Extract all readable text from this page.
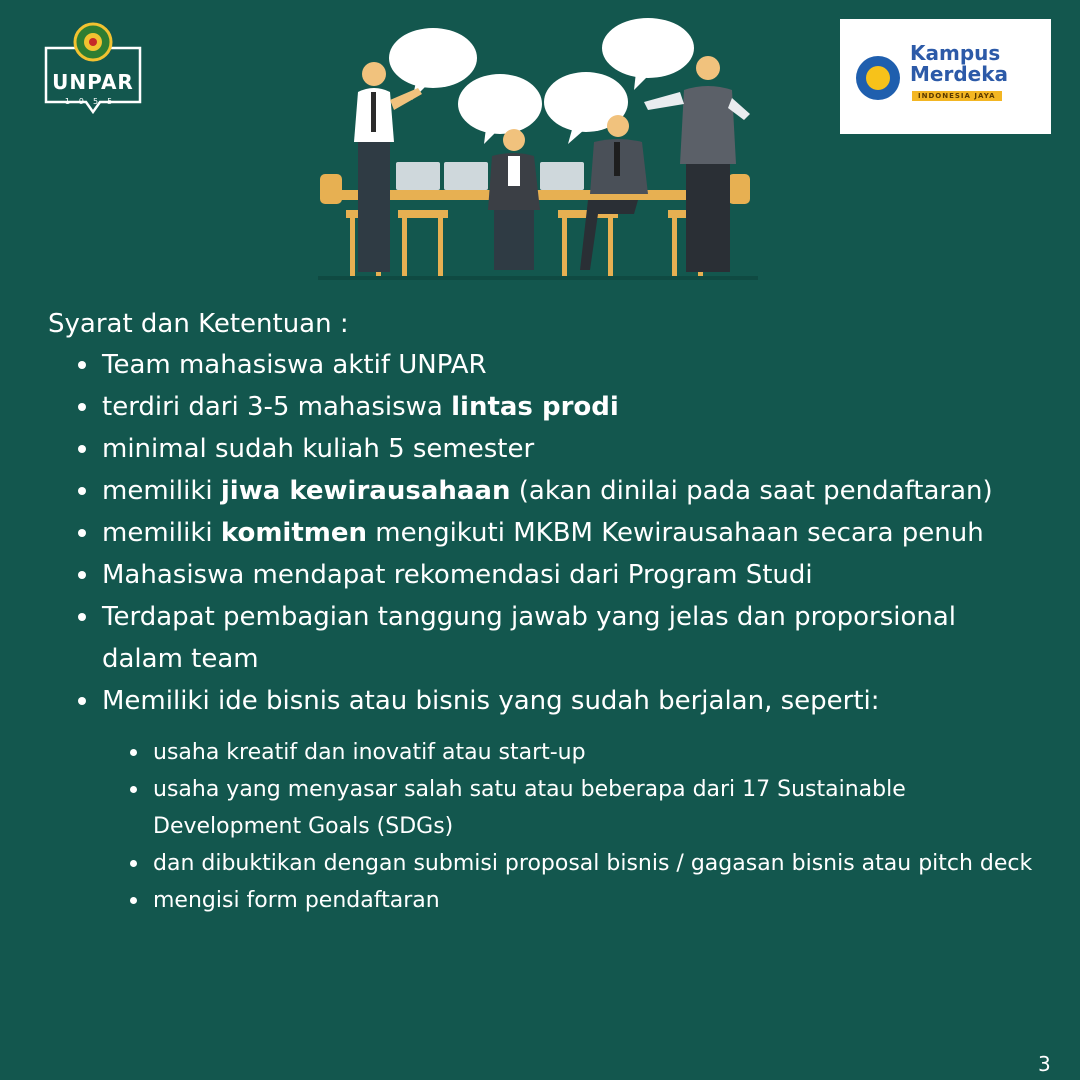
UNPAR
1955
Kampus
Merdeka
INDONESIA JAYA
Syarat dan Ketentuan :
Team mahasiswa aktif UNPAR
terdiri dari 3-5 mahasiswa lintas prodi
minimal sudah kuliah 5 semester
memiliki jiwa kewirausahaan (akan dinilai pada saat pendaftaran)
memiliki komitmen mengikuti MKBM Kewirausahaan secara penuh
Mahasiswa mendapat rekomendasi dari Program Studi
Terdapat pembagian tanggung jawab yang jelas dan proporsional dalam team
Memiliki ide bisnis atau bisnis yang sudah berjalan, seperti:
usaha kreatif dan inovatif atau start-up
usaha yang menyasar salah satu atau beberapa dari 17 Sustainable Development Goals (SDGs)
dan dibuktikan dengan submisi proposal bisnis / gagasan bisnis atau pitch deck
mengisi form pendaftaran
3
